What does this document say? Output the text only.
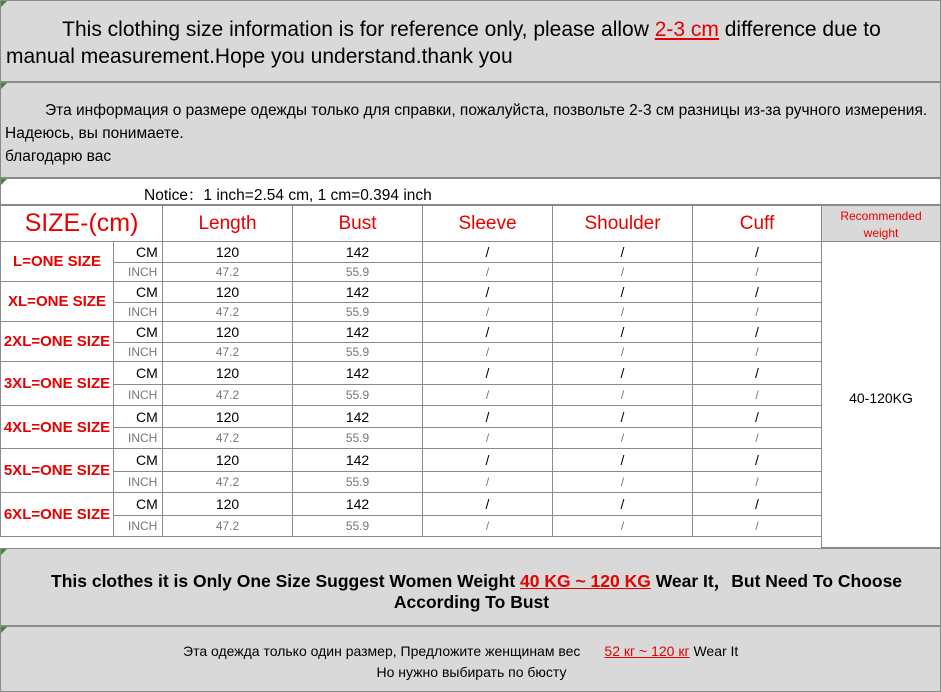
This clothing size information is for reference only, please allow 2-3 cm difference due to
manual measurement.Hope you understand.thank you
Эта информация о размере одежды только для справки, пожалуйста, позвольте 2-3 см разницы из-за ручного измерения. Надеюсь, вы понимаете.
благодарю вас
Notice：1 inch=2.54 cm, 1 cm=0.394 inch
SIZE-(cm)		Length	Bust	Sleeve	Shoulder	Cuff
L=ONE SIZE	CM	120	142	/	/	/
	INCH	47.2	55.9	/	/	/
XL=ONE SIZE	CM	120	142	/	/	/
	INCH	47.2	55.9	/	/	/
2XL=ONE SIZE	CM	120	142	/	/	/
	INCH	47.2	55.9	/	/	/
3XL=ONE SIZE	CM	120	142	/	/	/
	INCH	47.2	55.9	/	/	/
4XL=ONE SIZE	CM	120	142	/	/	/
	INCH	47.2	55.9	/	/	/
5XL=ONE SIZE	CM	120	142	/	/	/
	INCH	47.2	55.9	/	/	/
6XL=ONE SIZE	CM	120	142	/	/	/
	INCH	47.2	55.9	/	/	/
Recommended weight
40-120KG
This clothes it is Only One Size Suggest Women Weight 40 KG ~ 120 KG Wear It，But Need To Choose
According To Bust
Эта одежда только один размер, Предложите женщинам вес 52 кг ~ 120 кг Wear It
Но нужно выбирать по бюсту
